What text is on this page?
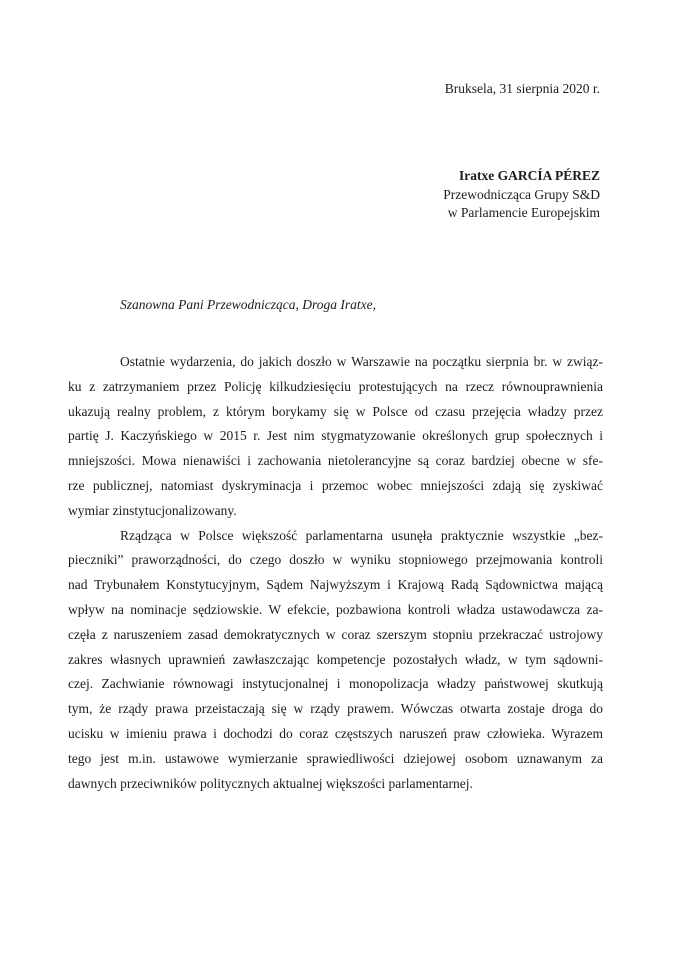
Bruksela, 31 sierpnia 2020 r.
Iratxe GARCÍA PÉREZ
Przewodnicząca Grupy S&D
w Parlamencie Europejskim
Szanowna Pani Przewodnicząca, Droga Iratxe,
Ostatnie wydarzenia, do jakich doszło w Warszawie na początku sierpnia br. w związ-
ku z zatrzymaniem przez Policję kilkudziesięciu protestujących na rzecz równouprawnienia
ukazują realny problem, z którym borykamy się w Polsce od czasu przejęcia władzy przez
partię J. Kaczyńskiego w 2015 r. Jest nim stygmatyzowanie określonych grup społecznych i
mniejszości. Mowa nienawiści i zachowania nietolerancyjne są coraz bardziej obecne w sfe-
rze publicznej, natomiast dyskryminacja i przemoc wobec mniejszości zdają się zyskiwać
wymiar zinstytucjonalizowany.
Rządząca w Polsce większość parlamentarna usunęła praktycznie wszystkie „bez-
pieczniki” praworządności, do czego doszło w wyniku stopniowego przejmowania kontroli
nad Trybunałem Konstytucyjnym, Sądem Najwyższym i Krajową Radą Sądownictwa mającą
wpływ na nominacje sędziowskie. W efekcie, pozbawiona kontroli władza ustawodawcza za-
częła z naruszeniem zasad demokratycznych w coraz szerszym stopniu przekraczać ustrojowy
zakres własnych uprawnień zawłaszczając kompetencje pozostałych władz, w tym sądowni-
czej. Zachwianie równowagi instytucjonalnej i monopolizacja władzy państwowej skutkują
tym, że rządy prawa przeistaczają się w rządy prawem. Wówczas otwarta zostaje droga do
ucisku w imieniu prawa i dochodzi do coraz częstszych naruszeń praw człowieka. Wyrazem
tego jest m.in. ustawowe wymierzanie sprawiedliwości dziejowej osobom uznawanym za
dawnych przeciwników politycznych aktualnej większości parlamentarnej.
